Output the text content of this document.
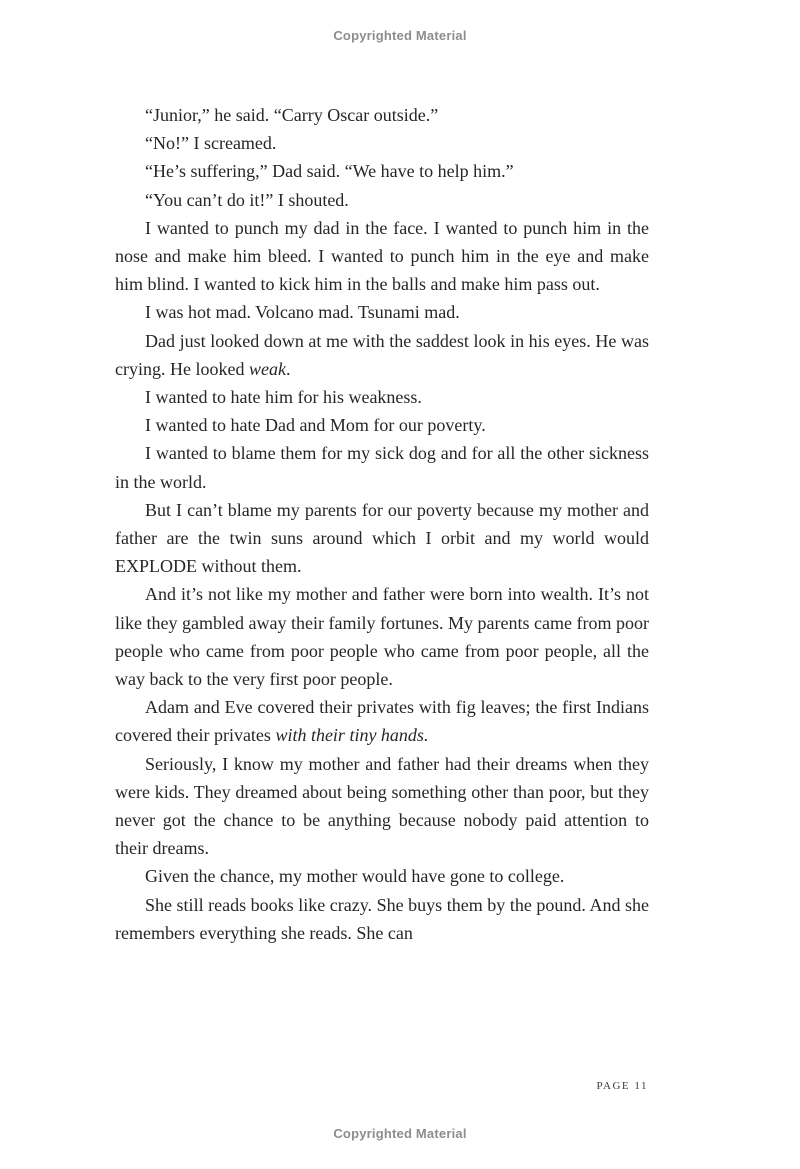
Copyrighted Material

“Junior,” he said. “Carry Oscar outside.”

“No!” I screamed.

“He’s suffering,” Dad said. “We have to help him.”

“You can’t do it!” I shouted.

I wanted to punch my dad in the face. I wanted to punch him in the nose and make him bleed. I wanted to punch him in the eye and make him blind. I wanted to kick him in the balls and make him pass out.

I was hot mad. Volcano mad. Tsunami mad.

Dad just looked down at me with the saddest look in his eyes. He was crying. He looked weak.

I wanted to hate him for his weakness.

I wanted to hate Dad and Mom for our poverty.

I wanted to blame them for my sick dog and for all the other sickness in the world.

But I can’t blame my parents for our poverty because my mother and father are the twin suns around which I orbit and my world would EXPLODE without them.

And it’s not like my mother and father were born into wealth. It’s not like they gambled away their family fortunes. My parents came from poor people who came from poor people who came from poor people, all the way back to the very first poor people.

Adam and Eve covered their privates with fig leaves; the first Indians covered their privates with their tiny hands.

Seriously, I know my mother and father had their dreams when they were kids. They dreamed about being something other than poor, but they never got the chance to be anything because nobody paid attention to their dreams.

Given the chance, my mother would have gone to college.

She still reads books like crazy. She buys them by the pound. And she remembers everything she reads. She can

PAGE 11
Copyrighted Material
